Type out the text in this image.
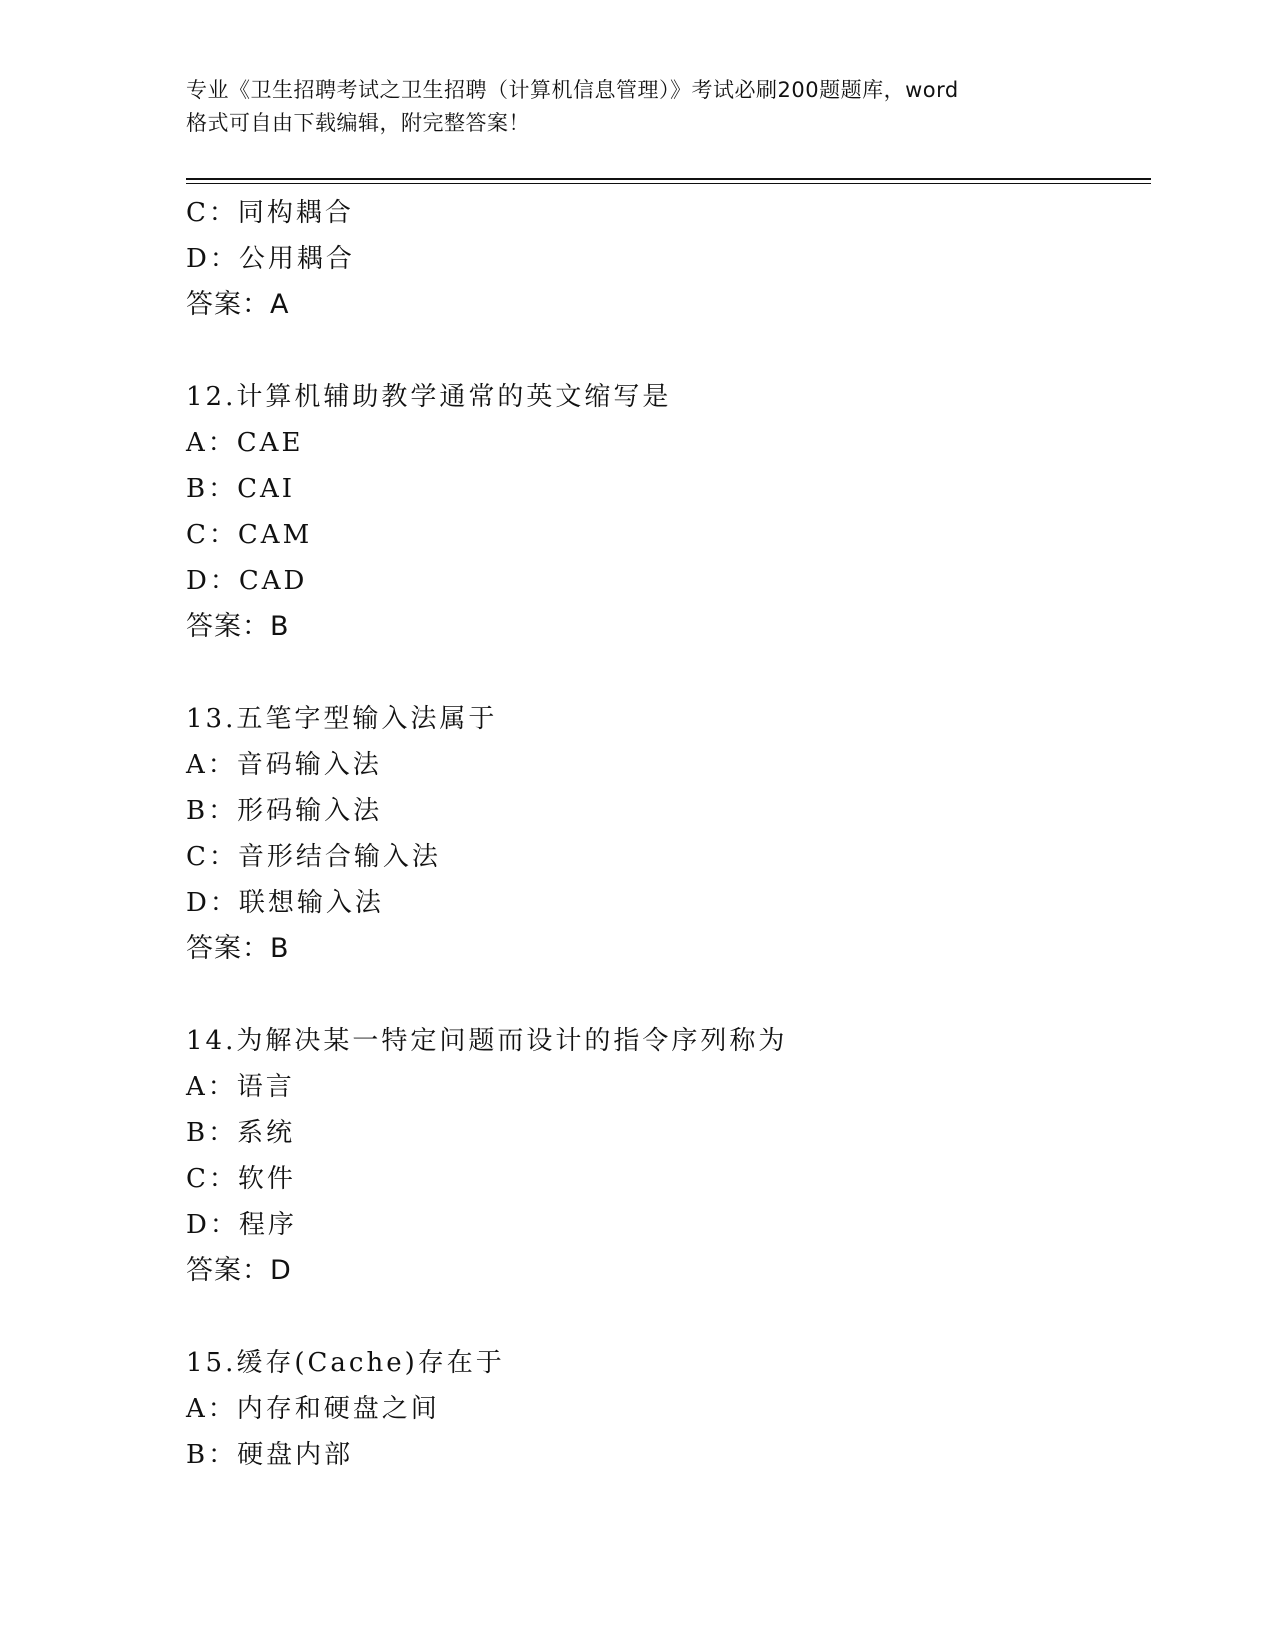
专业《卫生招聘考试之卫生招聘（计算机信息管理）》考试必刷200题题库，word
格式可自由下载编辑，附完整答案！
C：同构耦合
D：公用耦合
答案：A
12.计算机辅助教学通常的英文缩写是
A：CAE
B：CAI
C：CAM
D：CAD
答案：B
13.五笔字型输入法属于
A：音码输入法
B：形码输入法
C：音形结合输入法
D：联想输入法
答案：B
14.为解决某一特定问题而设计的指令序列称为
A：语言
B：系统
C：软件
D：程序
答案：D
15.缓存(Cache)存在于
A：内存和硬盘之间
B：硬盘内部
